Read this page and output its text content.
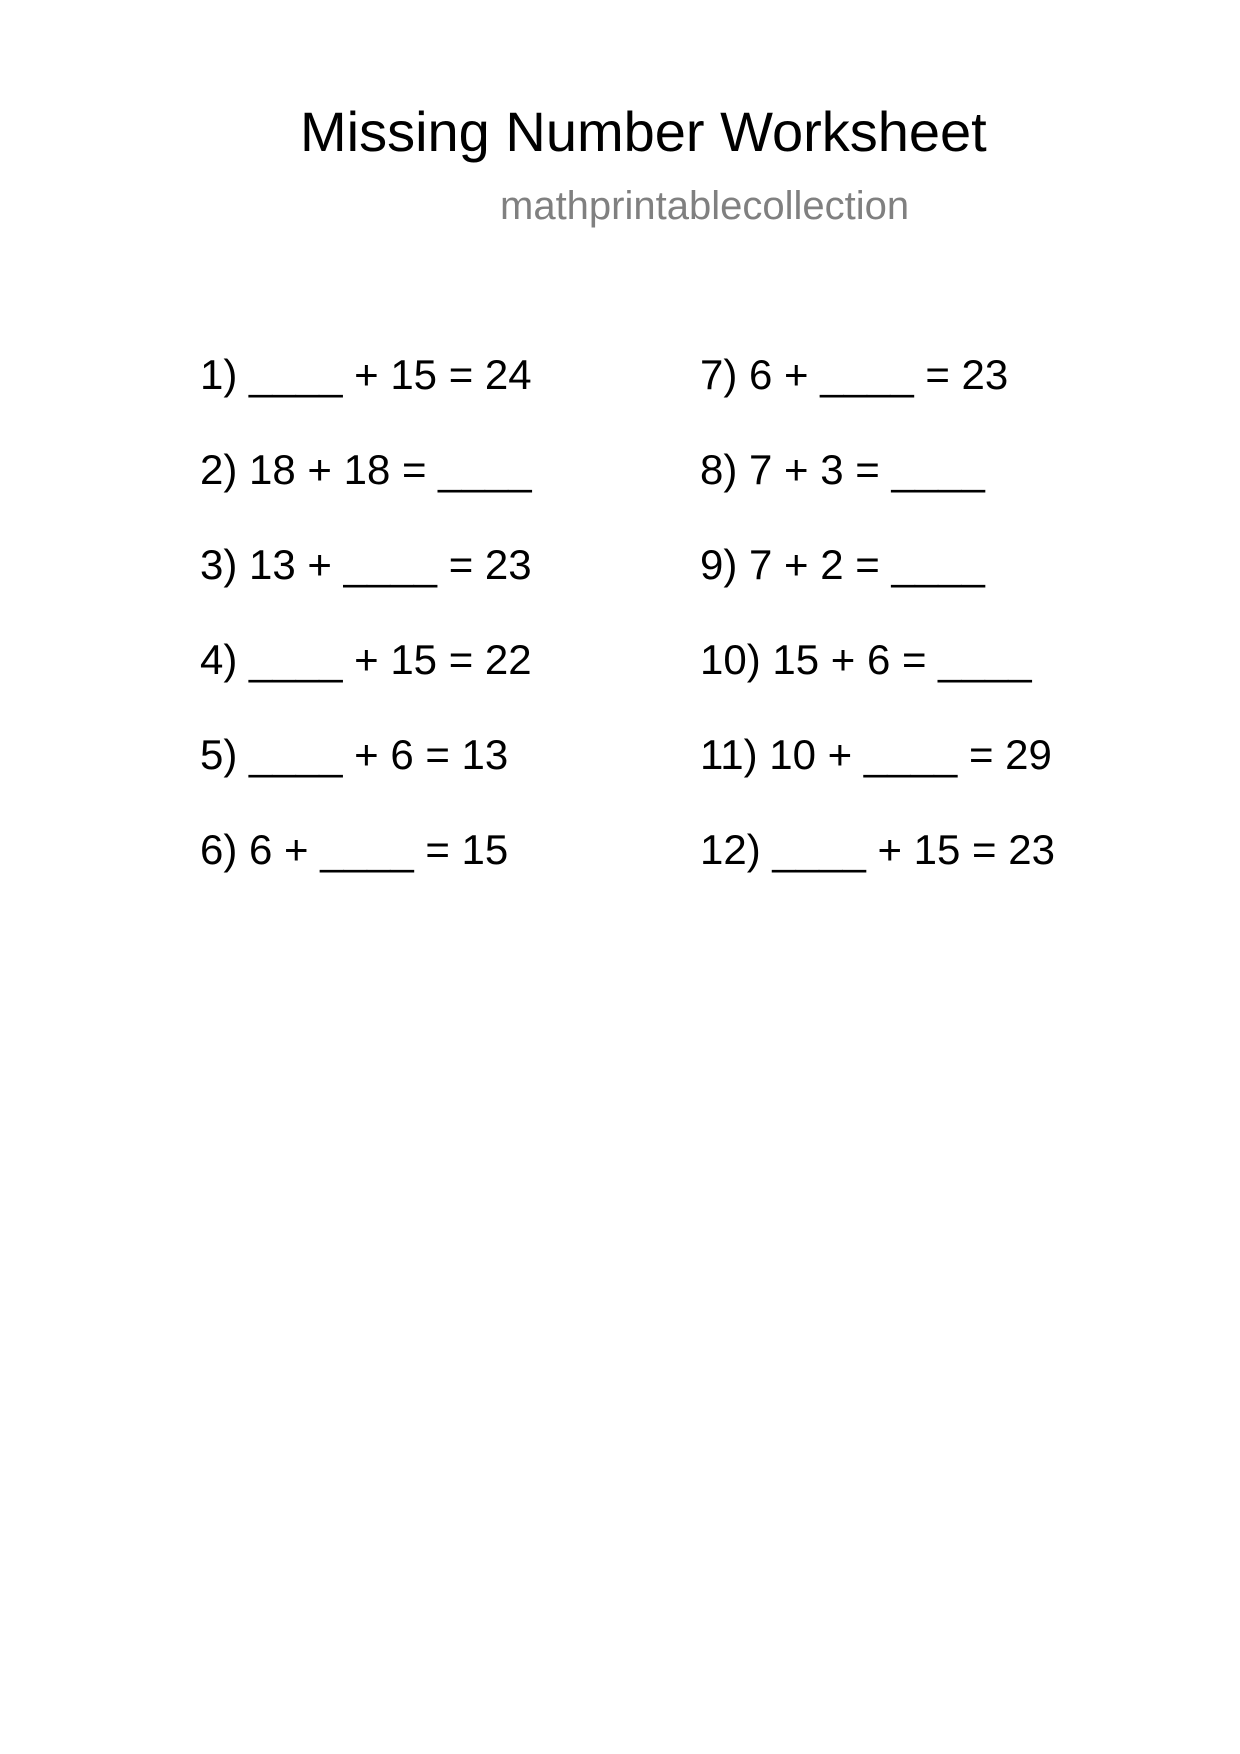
Missing Number Worksheet
mathprintablecollection
1) ____ + 15 = 24
2) 18 + 18 = ____
3) 13 + ____ = 23
4) ____ + 15 = 22
5) ____ + 6 = 13
6) 6 + ____ = 15
7) 6 + ____ = 23
8) 7 + 3 = ____
9) 7 + 2 = ____
10) 15 + 6 = ____
11) 10 + ____ = 29
12) ____ + 15 = 23
